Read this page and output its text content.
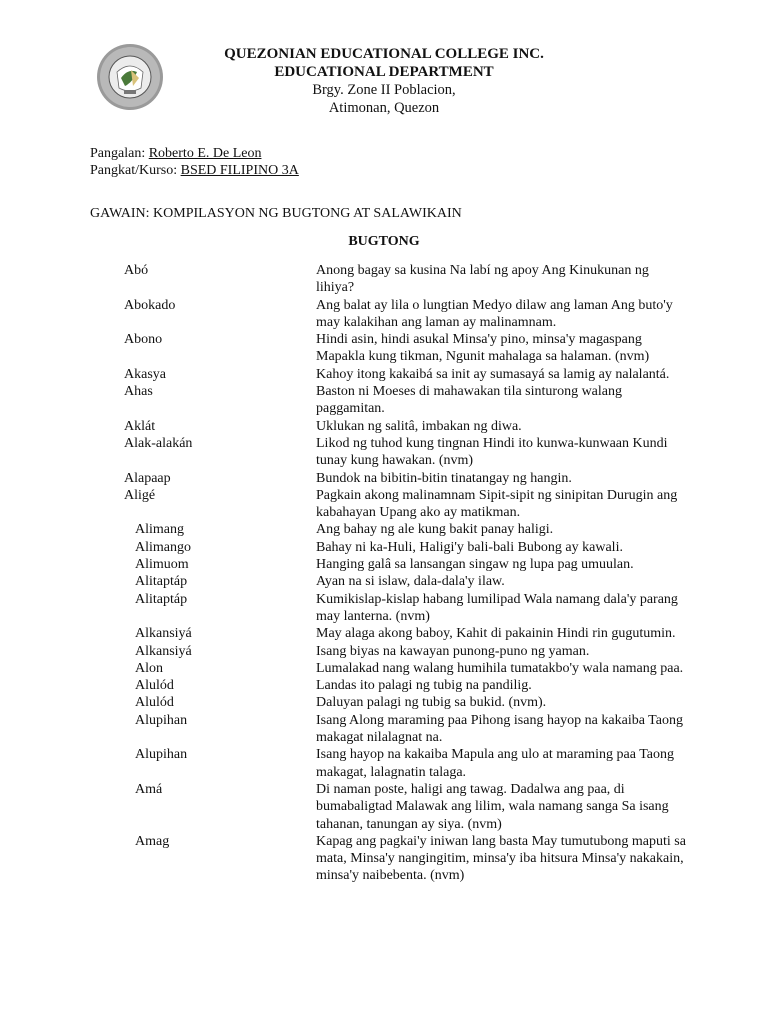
QUEZONIAN EDUCATIONAL COLLEGE INC.
EDUCATIONAL DEPARTMENT
Brgy. Zone II Poblacion,
Atimonan, Quezon
Pangalan: Roberto E. De Leon
Pangkat/Kurso: BSED FILIPINO 3A
GAWAIN: KOMPILASYON NG BUGTONG AT SALAWIKAIN
BUGTONG
Abó	Anong bagay sa kusina Na labí ng apoy Ang Kinukunan ng lihiya?
Abokado	Ang balat ay lila o lungtian Medyo dilaw ang laman Ang buto'y may kalakihan ang laman ay malinamnam.
Abono	Hindi asin, hindi asukal Minsa'y pino, minsa'y magaspang Mapakla kung tikman, Ngunit mahalaga sa halaman. (nvm)
Akasya	Kahoy itong kakaibá sa init ay sumasayá sa lamig ay nalalantá.
Ahas	Baston ni Moeses di mahawakan tila sinturong walang paggamitan.
Aklát	Uklukan ng salitâ, imbakan ng diwa.
Alak-alakán	Likod ng tuhod kung tingnan Hindi ito kunwa-kunwaan Kundi tunay kung hawakan. (nvm)
Alapaap	Bundok na bibitin-bitin tinatangay ng hangin.
Aligé	Pagkain akong malinamnam Sipit-sipit ng sinipitan Durugin ang kabahayan Upang ako ay matikman.
Alimang	Ang bahay ng ale kung bakit panay haligi.
Alimango	Bahay ni ka-Huli, Haligi'y bali-bali Bubong ay kawali.
Alimuom	Hanging galâ sa lansangan singaw ng lupa pag umuulan.
Alitaptáp	Ayan na si islaw, dala-dala'y ilaw.
Alitaptáp	Kumikislap-kislap habang lumilipad Wala namang dala'y parang may lanterna. (nvm)
Alkansiyá	May alaga akong baboy, Kahit di pakainin Hindi rin gugutumin.
Alkansiyá	Isang biyas na kawayan punong-puno ng yaman.
Alon	Lumalakad nang walang humihila tumatakbo'y wala namang paa.
Alulód	Landas ito palagi ng tubig na pandilig.
Alulód	Daluyan palagi ng tubig sa bukid. (nvm).
Alupihan	Isang Along maraming paa Pihong isang hayop na kakaiba Taong makagat nilalagnat na.
Alupihan	Isang hayop na kakaiba Mapula ang ulo at maraming paa Taong makagat, lalagnatin talaga.
Amá	Di naman poste, haligi ang tawag. Dadalwa ang paa, di bumabaligtad Malawak ang lilim, wala namang sanga Sa isang tahanan, tanungan ay siya. (nvm)
Amag	Kapag ang pagkai'y iniwan lang basta May tumutubong maputi sa mata, Minsa'y nangingitim, minsa'y iba hitsura Minsa'y nakakain, minsa'y naibebenta. (nvm)
